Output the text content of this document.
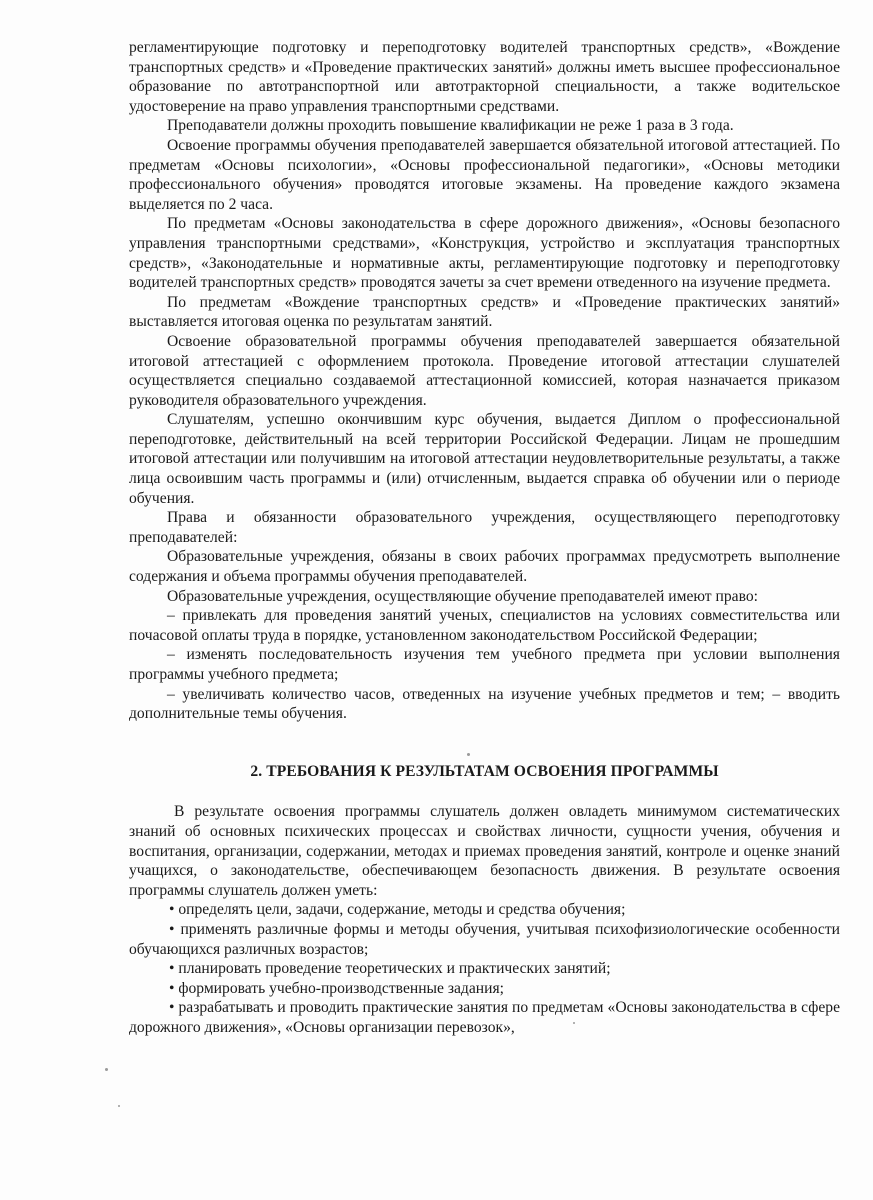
регламентирующие подготовку и переподготовку водителей транспортных средств», «Вождение транспортных средств» и «Проведение практических занятий» должны иметь высшее профессиональное образование по автотранспортной или автотракторной специальности, а также водительское удостоверение на право управления транспортными средствами.

Преподаватели должны проходить повышение квалификации не реже 1 раза в 3 года.

Освоение программы обучения преподавателей завершается обязательной итоговой аттестацией. По предметам «Основы психологии», «Основы профессиональной педагогики», «Основы методики профессионального обучения» проводятся итоговые экзамены. На проведение каждого экзамена выделяется по 2 часа.

По предметам «Основы законодательства в сфере дорожного движения», «Основы безопасного управления транспортными средствами», «Конструкция, устройство и эксплуатация транспортных средств», «Законодательные и нормативные акты, регламентирующие подготовку и переподготовку водителей транспортных средств» проводятся зачеты за счет времени отведенного на изучение предмета.

По предметам «Вождение транспортных средств» и «Проведение практических занятий» выставляется итоговая оценка по результатам занятий.

Освоение образовательной программы обучения преподавателей завершается обязательной итоговой аттестацией с оформлением протокола. Проведение итоговой аттестации слушателей осуществляется специально создаваемой аттестационной комиссией, которая назначается приказом руководителя образовательного учреждения.

Слушателям, успешно окончившим курс обучения, выдается Диплом о профессиональной переподготовке, действительный на всей территории Российской Федерации. Лицам не прошедшим итоговой аттестации или получившим на итоговой аттестации неудовлетворительные результаты, а также лица освоившим часть программы и (или) отчисленным, выдается справка об обучении или о периоде обучения.

Права и обязанности образовательного учреждения, осуществляющего переподготовку преподавателей:

Образовательные учреждения, обязаны в своих рабочих программах предусмотреть выполнение содержания и объема программы обучения преподавателей.

Образовательные учреждения, осуществляющие обучение преподавателей имеют право:

– привлекать для проведения занятий ученых, специалистов на условиях совместительства или почасовой оплаты труда в порядке, установленном законодательством Российской Федерации;

– изменять последовательность изучения тем учебного предмета при условии выполнения программы учебного предмета;

– увеличивать количество часов, отведенных на изучение учебных предметов и тем; – вводить дополнительные темы обучения.

2. ТРЕБОВАНИЯ К РЕЗУЛЬТАТАМ ОСВОЕНИЯ ПРОГРАММЫ

В результате освоения программы слушатель должен овладеть минимумом систематических знаний об основных психических процессах и свойствах личности, сущности учения, обучения и воспитания, организации, содержании, методах и приемах проведения занятий, контроле и оценке знаний учащихся, о законодательстве, обеспечивающем безопасность движения. В результате освоения программы слушатель должен уметь:

• определять цели, задачи, содержание, методы и средства обучения;

• применять различные формы и методы обучения, учитывая психофизиологические особенности обучающихся различных возрастов;

• планировать проведение теоретических и практических занятий;

• формировать учебно-производственные задания;

• разрабатывать и проводить практические занятия по предметам «Основы законодательства в сфере дорожного движения», «Основы организации перевозок»,
